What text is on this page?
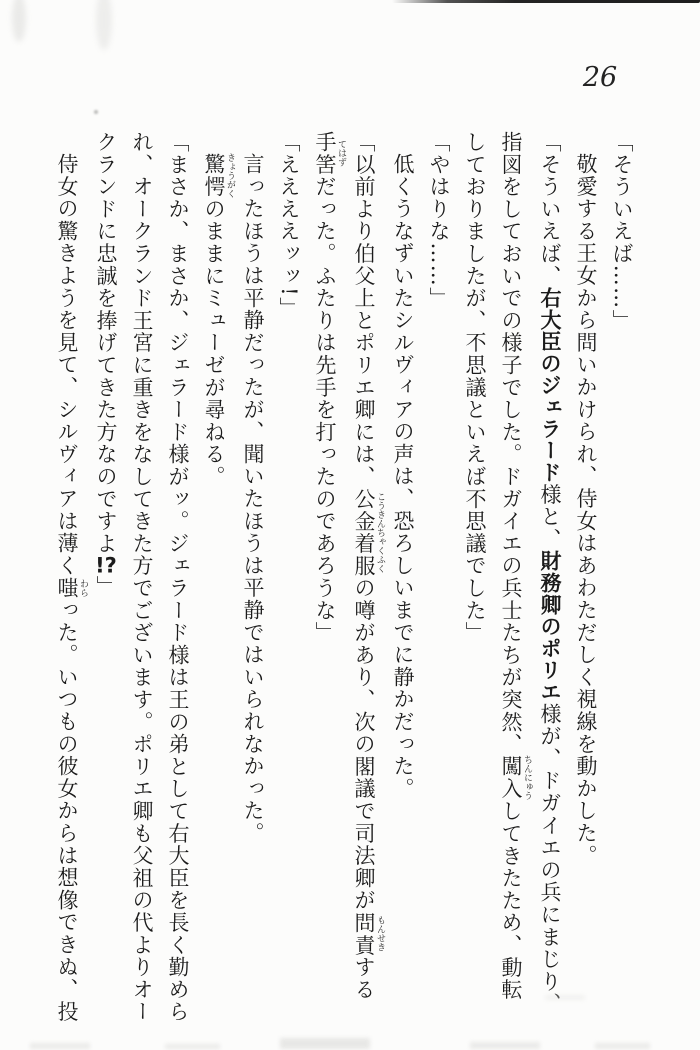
26

「そういえば……」

敬愛する王女から問いかけられ、侍女はあわただしく視線を動かした。

「そういえば、右大臣のジェラード様と、財務卿のポリエ様が、ドガイエの兵にまじり、

指図をしておいでの様子でした。ドガイエの兵士たちが突然、闖入 ちんにゅうしてきたため、動転

しておりましたが、不思議といえば不思議でした」

「やはりな……」

低くうなずいたシルヴィアの声は、恐ろしいまでに静かだった。

「以前より伯父上とポリエ卿には、公金着服 こうきんちゃくふくの噂があり、次の閣議で司法卿が問責 もんせきする

手筈 てはずだった。ふたりは先手を打ったのであろうな」

「ええええッッ!」

言ったほうは平静だったが、聞いたほうは平静ではいられなかった。

驚愕 きょうがくのままにミューゼが尋ねる。

「まさか、まさか、ジェラード様がッ。ジェラード様は王の弟として右大臣を長く勤めら

れ、オークランド王宮に重きをなしてきた方でございます。ポリエ卿も父祖の代よりオー

クランドに忠誠を捧げてきた方なのですよ!?」

侍女の驚きようを見て、シルヴィアは薄く嗤 わらった。いつもの彼女からは想像できぬ、投
